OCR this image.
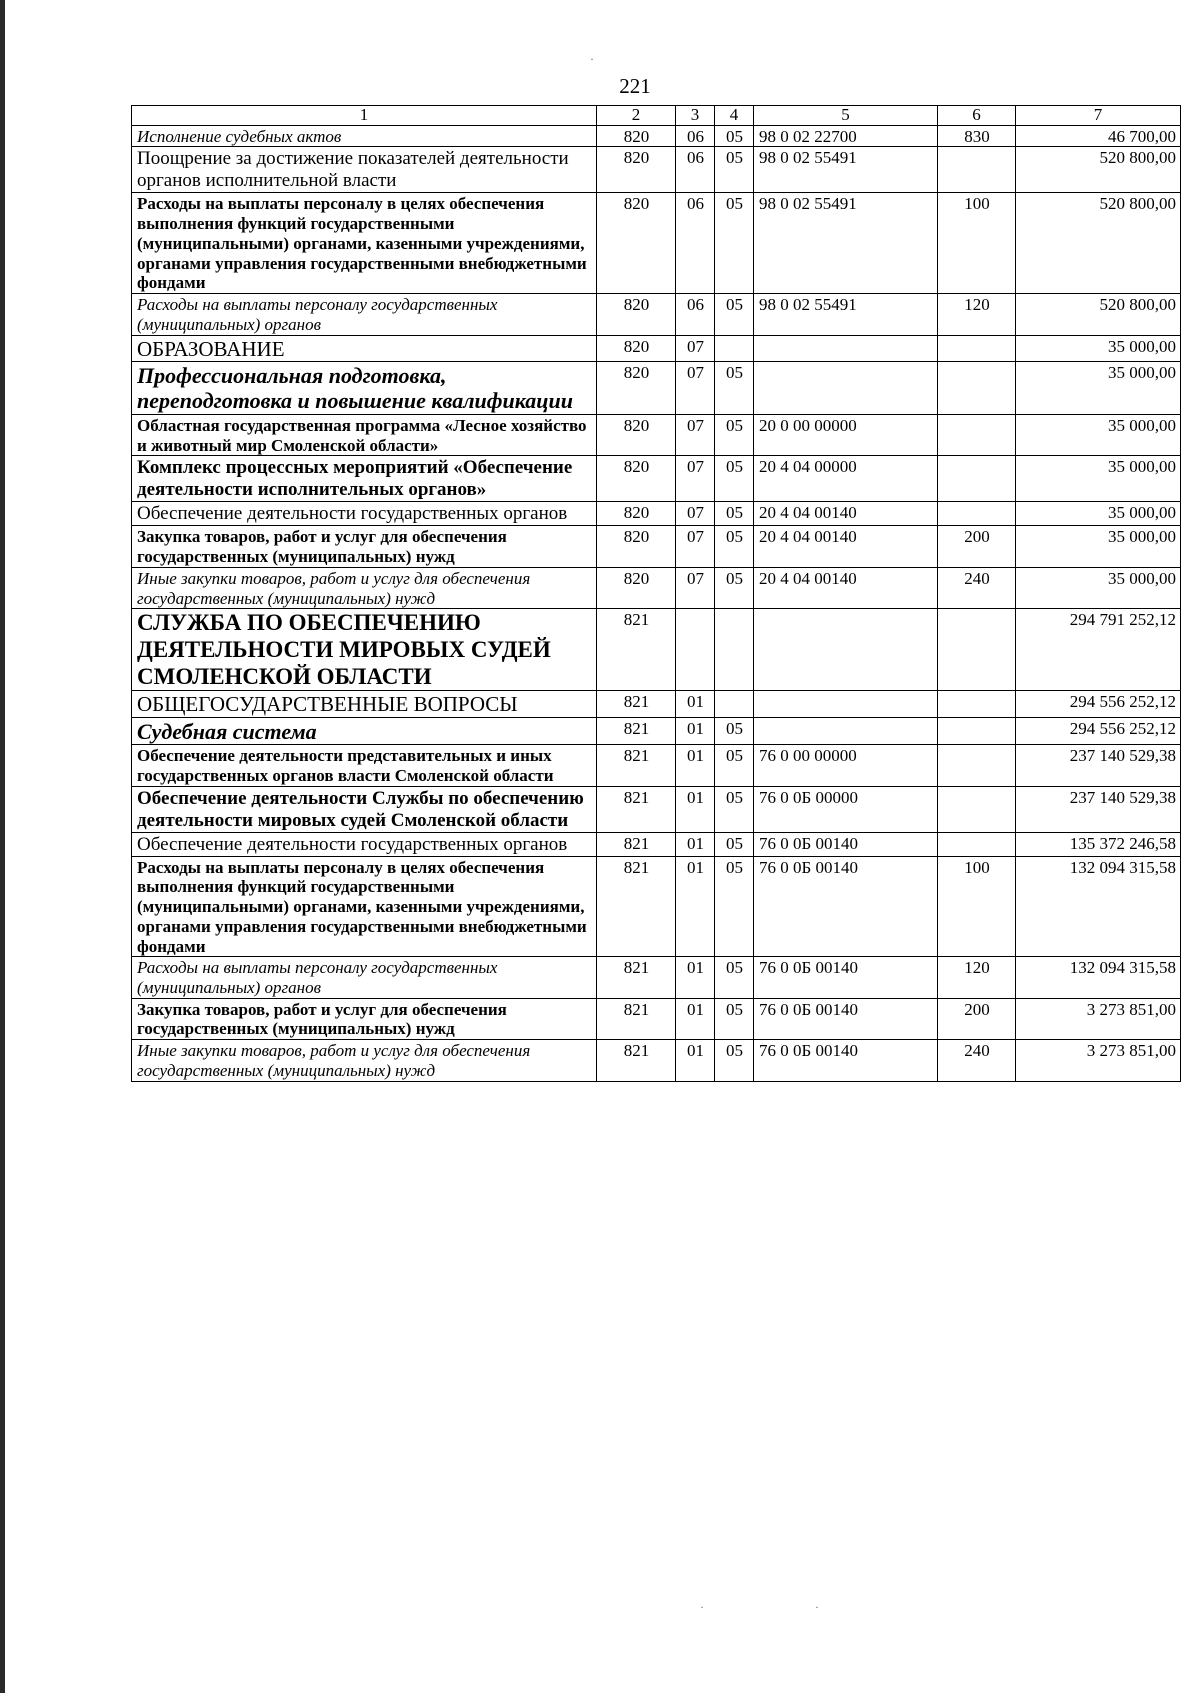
221
1	2	3	4	5	6	7
Исполнение судебных актов	820	06	05	98 0 02 22700	830	46 700,00
Поощрение за достижение показателей деятельности органов исполнительной власти	820	06	05	98 0 02 55491		520 800,00
Расходы на выплаты персоналу в целях обеспечения выполнения функций государственными (муниципальными) органами, казенными учреждениями, органами управления государственными внебюджетными фондами	820	06	05	98 0 02 55491	100	520 800,00
Расходы на выплаты персоналу государственных (муниципальных) органов	820	06	05	98 0 02 55491	120	520 800,00
ОБРАЗОВАНИЕ	820	07				35 000,00
Профессиональная подготовка, переподготовка и повышение квалификации	820	07	05			35 000,00
Областная государственная программа «Лесное хозяйство и животный мир Смоленской области»	820	07	05	20 0 00 00000		35 000,00
Комплекс процессных мероприятий «Обеспечение деятельности исполнительных органов»	820	07	05	20 4 04 00000		35 000,00
Обеспечение деятельности государственных органов	820	07	05	20 4 04 00140		35 000,00
Закупка товаров, работ и услуг для обеспечения государственных (муниципальных) нужд	820	07	05	20 4 04 00140	200	35 000,00
Иные закупки товаров, работ и услуг для обеспечения государственных (муниципальных) нужд	820	07	05	20 4 04 00140	240	35 000,00
СЛУЖБА ПО ОБЕСПЕЧЕНИЮ ДЕЯТЕЛЬНОСТИ МИРОВЫХ СУДЕЙ СМОЛЕНСКОЙ ОБЛАСТИ	821					294 791 252,12
ОБЩЕГОСУДАРСТВЕННЫЕ ВОПРОСЫ	821	01				294 556 252,12
Судебная система	821	01	05			294 556 252,12
Обеспечение деятельности представительных и иных государственных органов власти Смоленской области	821	01	05	76 0 00 00000		237 140 529,38
Обеспечение деятельности Службы по обеспечению деятельности мировых судей Смоленской области	821	01	05	76 0 0Б 00000		237 140 529,38
Обеспечение деятельности государственных органов	821	01	05	76 0 0Б 00140		135 372 246,58
Расходы на выплаты персоналу в целях обеспечения выполнения функций государственными (муниципальными) органами, казенными учреждениями, органами управления государственными внебюджетными фондами	821	01	05	76 0 0Б 00140	100	132 094 315,58
Расходы на выплаты персоналу государственных (муниципальных) органов	821	01	05	76 0 0Б 00140	120	132 094 315,58
Закупка товаров, работ и услуг для обеспечения государственных (муниципальных) нужд	821	01	05	76 0 0Б 00140	200	3 273 851,00
Иные закупки товаров, работ и услуг для обеспечения государственных (муниципальных) нужд	821	01	05	76 0 0Б 00140	240	3 273 851,00
·
·	·
